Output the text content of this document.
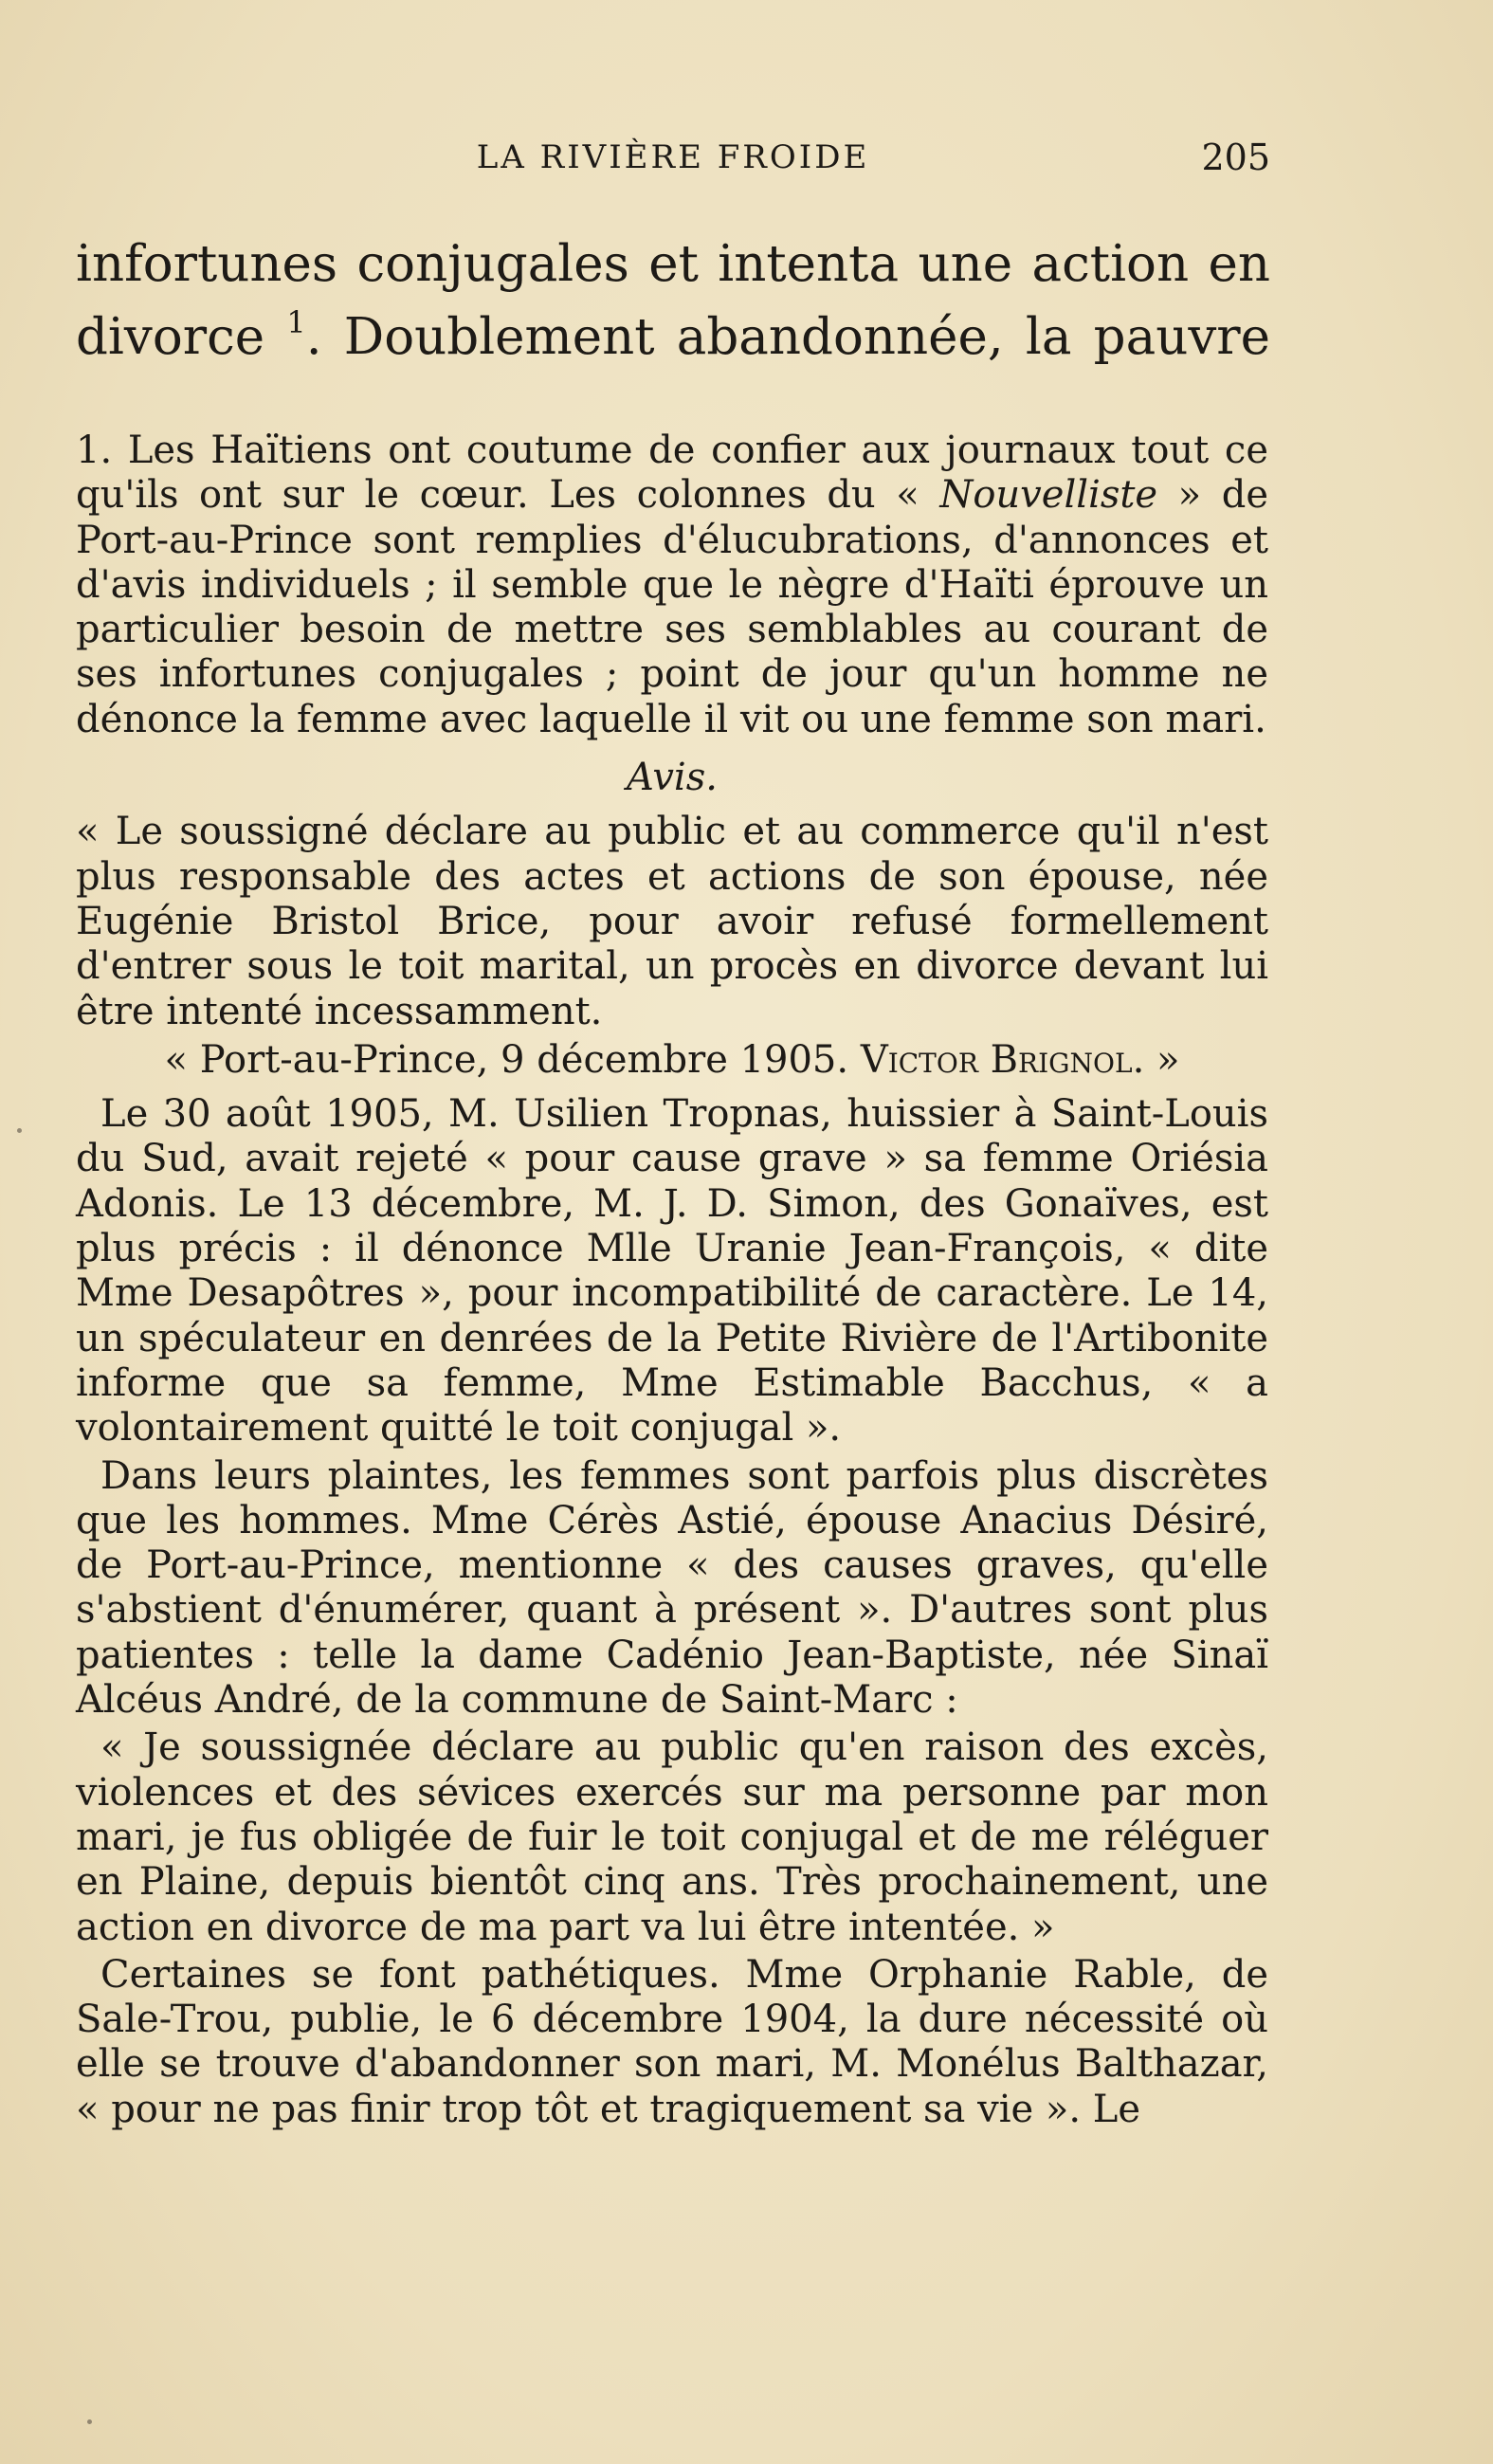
LA RIVIÈRE FROIDE	205
infortunes conjugales et intenta une action en
divorce $^1$. Doublement abandonnée, la pauvre

1. Les Haïtiens ont coutume de confier aux journaux tout ce qu'ils ont sur le cœur. Les colonnes du « Nouvelliste » de Port-au-Prince sont remplies d'élucubrations, d'annonces et d'avis individuels ; il semble que le nègre d'Haïti éprouve un particulier besoin de mettre ses semblables au courant de ses infortunes conjugales ; point de jour qu'un homme ne dénonce la femme avec laquelle il vit ou une femme son mari.

Avis.

« Le soussigné déclare au public et au commerce qu'il n'est plus responsable des actes et actions de son épouse, née Eugénie Bristol Brice, pour avoir refusé formellement d'entrer sous le toit marital, un procès en divorce devant lui être intenté incessamment.

« Port-au-Prince, 9 décembre 1905. Victor Brignol. »

Le 30 août 1905, M. Usilien Tropnas, huissier à Saint-Louis du Sud, avait rejeté « pour cause grave » sa femme Oriésia Adonis. Le 13 décembre, M. J. D. Simon, des Gonaïves, est plus précis : il dénonce Mlle Uranie Jean-François, « dite Mme Desapôtres », pour incompatibilité de caractère. Le 14, un spéculateur en denrées de la Petite Rivière de l'Artibonite informe que sa femme, Mme Estimable Bacchus, « a volontairement quitté le toit conjugal ».

Dans leurs plaintes, les femmes sont parfois plus discrètes que les hommes. Mme Cérès Astié, épouse Anacius Désiré, de Port-au-Prince, mentionne « des causes graves, qu'elle s'abstient d'énumérer, quant à présent ». D'autres sont plus patientes : telle la dame Cadénio Jean-Baptiste, née Sinaï Alcéus André, de la commune de Saint-Marc :

« Je soussignée déclare au public qu'en raison des excès, violences et des sévices exercés sur ma personne par mon mari, je fus obligée de fuir le toit conjugal et de me réléguer en Plaine, depuis bientôt cinq ans. Très prochainement, une action en divorce de ma part va lui être intentée. »

Certaines se font pathétiques. Mme Orphanie Rable, de Sale-Trou, publie, le 6 décembre 1904, la dure nécessité où elle se trouve d'abandonner son mari, M. Monélus Balthazar, « pour ne pas finir trop tôt et tragiquement sa vie ». Le
